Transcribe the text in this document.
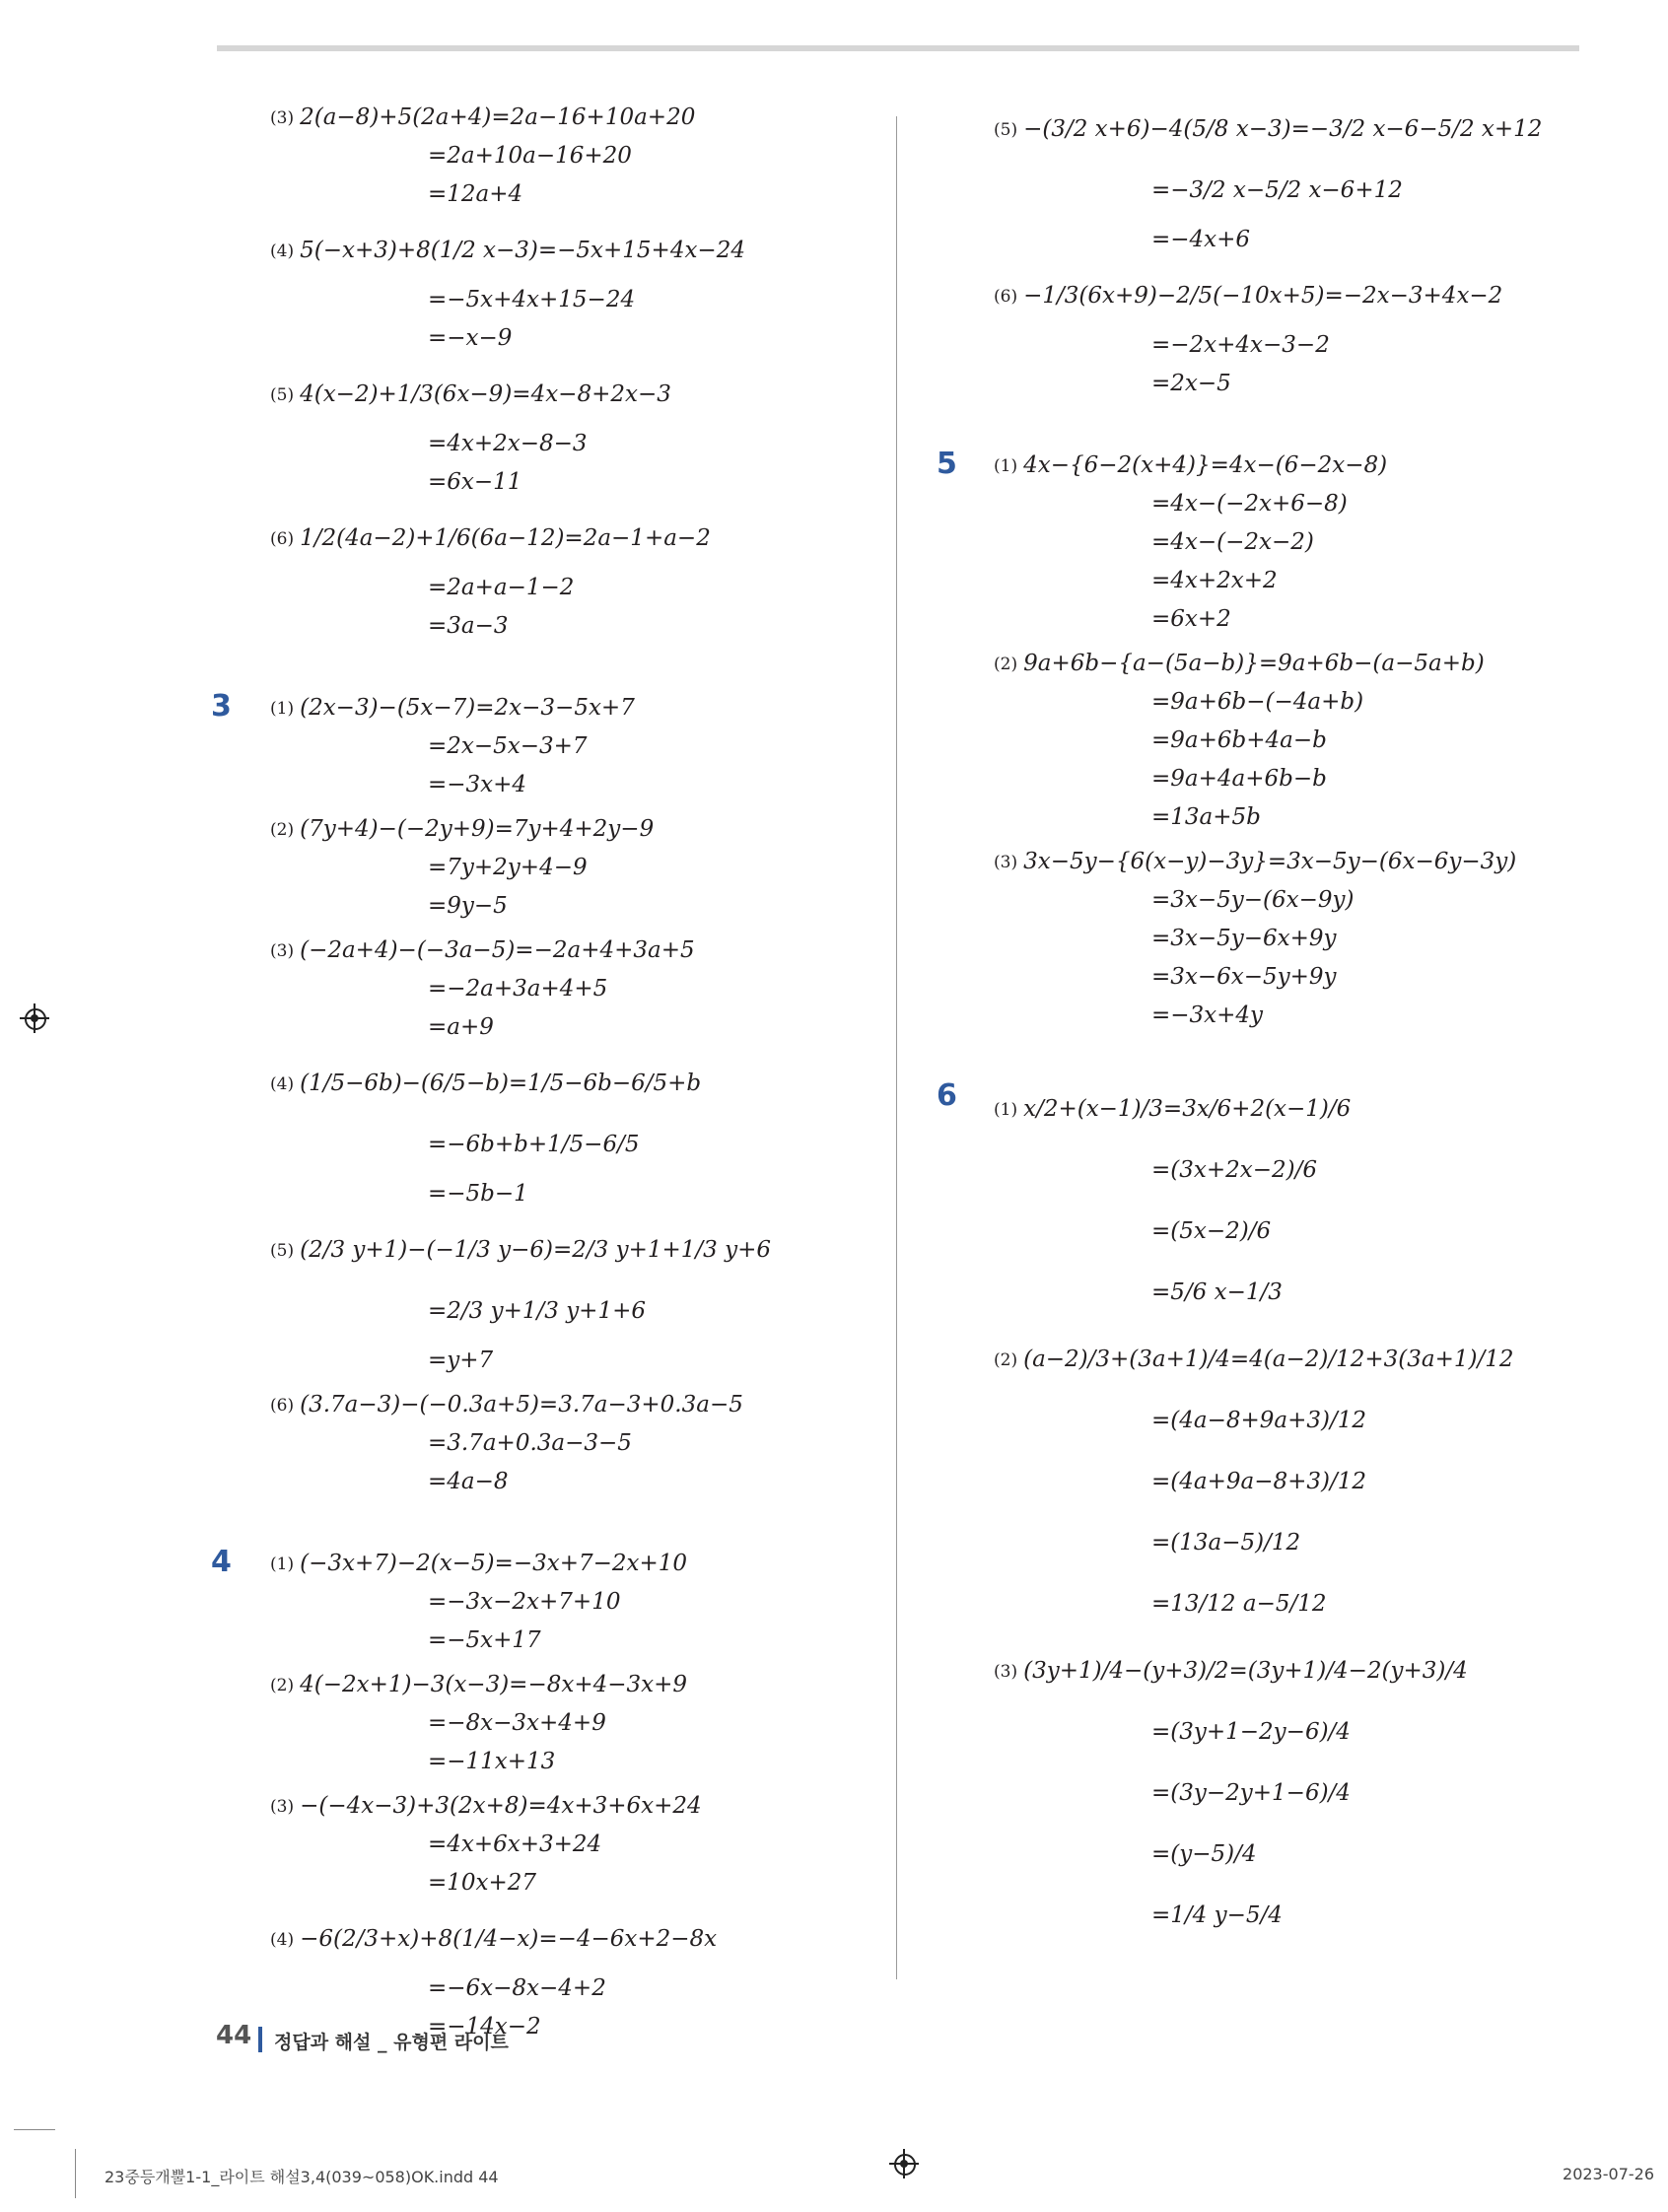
(3) 2(a−8)+5(2a+4)=2a−16+10a+20
=2a+10a−16+20
=12a+4
(4) 5(−x+3)+8(1/2 x−3)=−5x+15+4x−24
=−5x+4x+15−24
=−x−9
(5) 4(x−2)+1/3(6x−9)=4x−8+2x−3
=4x+2x−8−3
=6x−11
(6) 1/2(4a−2)+1/6(6a−12)=2a−1+a−2
=2a+a−1−2
=3a−3
3 (1) (2x−3)−(5x−7)=2x−3−5x+7
=2x−5x−3+7
=−3x+4
(2) (7y+4)−(−2y+9)=7y+4+2y−9
=7y+2y+4−9
=9y−5
(3) (−2a+4)−(−3a−5)=−2a+4+3a+5
=−2a+3a+4+5
=a+9
(4) (1/5−6b)−(6/5−b)=1/5−6b−6/5+b
=−6b+b+1/5−6/5
=−5b−1
(5) (2/3 y+1)−(−1/3 y−6)=2/3 y+1+1/3 y+6
=2/3 y+1/3 y+1+6
=y+7
(6) (3.7a−3)−(−0.3a+5)=3.7a−3+0.3a−5
=3.7a+0.3a−3−5
=4a−8
4 (1) (−3x+7)−2(x−5)=−3x+7−2x+10
=−3x−2x+7+10
=−5x+17
(2) 4(−2x+1)−3(x−3)=−8x+4−3x+9
=−8x−3x+4+9
=−11x+13
(3) −(−4x−3)+3(2x+8)=4x+3+6x+24
=4x+6x+3+24
=10x+27
(4) −6(2/3+x)+8(1/4−x)=−4−6x+2−8x
=−6x−8x−4+2
=−14x−2
(5) −(3/2 x+6)−4(5/8 x−3)=−3/2 x−6−5/2 x+12
=−3/2 x−5/2 x−6+12
=−4x+6
(6) −1/3(6x+9)−2/5(−10x+5)=−2x−3+4x−2
=−2x+4x−3−2
=2x−5
5 (1) 4x−{6−2(x+4)}=4x−(6−2x−8)
=4x−(−2x+6−8)
=4x−(−2x−2)
=4x+2x+2
=6x+2
(2) 9a+6b−{a−(5a−b)}=9a+6b−(a−5a+b)
=9a+6b−(−4a+b)
=9a+6b+4a−b
=9a+4a+6b−b
=13a+5b
(3) 3x−5y−{6(x−y)−3y}=3x−5y−(6x−6y−3y)
=3x−5y−(6x−9y)
=3x−5y−6x+9y
=3x−6x−5y+9y
=−3x+4y
6 (1) x/2+(x−1)/3=3x/6+2(x−1)/6
=(3x+2x−2)/6
=(5x−2)/6
=5/6 x−1/3
(2) (a−2)/3+(3a+1)/4=4(a−2)/12+3(3a+1)/12
=(4a−8+9a+3)/12
=(4a+9a−8+3)/12
=(13a−5)/12
=13/12 a−5/12
(3) (3y+1)/4−(y+3)/2=(3y+1)/4−2(y+3)/4
=(3y+1−2y−6)/4
=(3y−2y+1−6)/4
=(y−5)/4
=1/4 y−5/4
44 정답과 해설 _ 유형편 라이트
23중등개뿔1-1_라이트 해설3,4(039~058)OK.indd 44	2023-07-26
